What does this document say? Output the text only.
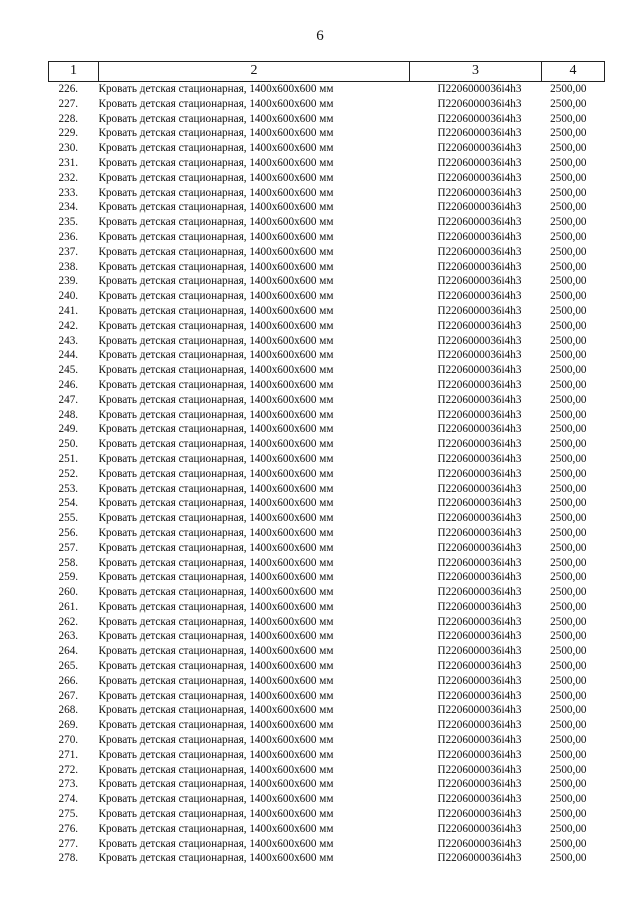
6
1	2	3	4
226.	Кровать детская стационарная, 1400x600x600 мм	П2206000036i4h3	2500,00
227.	Кровать детская стационарная, 1400x600x600 мм	П2206000036i4h3	2500,00
228.	Кровать детская стационарная, 1400x600x600 мм	П2206000036i4h3	2500,00
229.	Кровать детская стационарная, 1400x600x600 мм	П2206000036i4h3	2500,00
230.	Кровать детская стационарная, 1400x600x600 мм	П2206000036i4h3	2500,00
231.	Кровать детская стационарная, 1400x600x600 мм	П2206000036i4h3	2500,00
232.	Кровать детская стационарная, 1400x600x600 мм	П2206000036i4h3	2500,00
233.	Кровать детская стационарная, 1400x600x600 мм	П2206000036i4h3	2500,00
234.	Кровать детская стационарная, 1400x600x600 мм	П2206000036i4h3	2500,00
235.	Кровать детская стационарная, 1400x600x600 мм	П2206000036i4h3	2500,00
236.	Кровать детская стационарная, 1400x600x600 мм	П2206000036i4h3	2500,00
237.	Кровать детская стационарная, 1400x600x600 мм	П2206000036i4h3	2500,00
238.	Кровать детская стационарная, 1400x600x600 мм	П2206000036i4h3	2500,00
239.	Кровать детская стационарная, 1400x600x600 мм	П2206000036i4h3	2500,00
240.	Кровать детская стационарная, 1400x600x600 мм	П2206000036i4h3	2500,00
241.	Кровать детская стационарная, 1400x600x600 мм	П2206000036i4h3	2500,00
242.	Кровать детская стационарная, 1400x600x600 мм	П2206000036i4h3	2500,00
243.	Кровать детская стационарная, 1400x600x600 мм	П2206000036i4h3	2500,00
244.	Кровать детская стационарная, 1400x600x600 мм	П2206000036i4h3	2500,00
245.	Кровать детская стационарная, 1400x600x600 мм	П2206000036i4h3	2500,00
246.	Кровать детская стационарная, 1400x600x600 мм	П2206000036i4h3	2500,00
247.	Кровать детская стационарная, 1400x600x600 мм	П2206000036i4h3	2500,00
248.	Кровать детская стационарная, 1400x600x600 мм	П2206000036i4h3	2500,00
249.	Кровать детская стационарная, 1400x600x600 мм	П2206000036i4h3	2500,00
250.	Кровать детская стационарная, 1400x600x600 мм	П2206000036i4h3	2500,00
251.	Кровать детская стационарная, 1400x600x600 мм	П2206000036i4h3	2500,00
252.	Кровать детская стационарная, 1400x600x600 мм	П2206000036i4h3	2500,00
253.	Кровать детская стационарная, 1400x600x600 мм	П2206000036i4h3	2500,00
254.	Кровать детская стационарная, 1400x600x600 мм	П2206000036i4h3	2500,00
255.	Кровать детская стационарная, 1400x600x600 мм	П2206000036i4h3	2500,00
256.	Кровать детская стационарная, 1400x600x600 мм	П2206000036i4h3	2500,00
257.	Кровать детская стационарная, 1400x600x600 мм	П2206000036i4h3	2500,00
258.	Кровать детская стационарная, 1400x600x600 мм	П2206000036i4h3	2500,00
259.	Кровать детская стационарная, 1400x600x600 мм	П2206000036i4h3	2500,00
260.	Кровать детская стационарная, 1400x600x600 мм	П2206000036i4h3	2500,00
261.	Кровать детская стационарная, 1400x600x600 мм	П2206000036i4h3	2500,00
262.	Кровать детская стационарная, 1400x600x600 мм	П2206000036i4h3	2500,00
263.	Кровать детская стационарная, 1400x600x600 мм	П2206000036i4h3	2500,00
264.	Кровать детская стационарная, 1400x600x600 мм	П2206000036i4h3	2500,00
265.	Кровать детская стационарная, 1400x600x600 мм	П2206000036i4h3	2500,00
266.	Кровать детская стационарная, 1400x600x600 мм	П2206000036i4h3	2500,00
267.	Кровать детская стационарная, 1400x600x600 мм	П2206000036i4h3	2500,00
268.	Кровать детская стационарная, 1400x600x600 мм	П2206000036i4h3	2500,00
269.	Кровать детская стационарная, 1400x600x600 мм	П2206000036i4h3	2500,00
270.	Кровать детская стационарная, 1400x600x600 мм	П2206000036i4h3	2500,00
271.	Кровать детская стационарная, 1400x600x600 мм	П2206000036i4h3	2500,00
272.	Кровать детская стационарная, 1400x600x600 мм	П2206000036i4h3	2500,00
273.	Кровать детская стационарная, 1400x600x600 мм	П2206000036i4h3	2500,00
274.	Кровать детская стационарная, 1400x600x600 мм	П2206000036i4h3	2500,00
275.	Кровать детская стационарная, 1400x600x600 мм	П2206000036i4h3	2500,00
276.	Кровать детская стационарная, 1400x600x600 мм	П2206000036i4h3	2500,00
277.	Кровать детская стационарная, 1400x600x600 мм	П2206000036i4h3	2500,00
278.	Кровать детская стационарная, 1400x600x600 мм	П2206000036i4h3	2500,00
